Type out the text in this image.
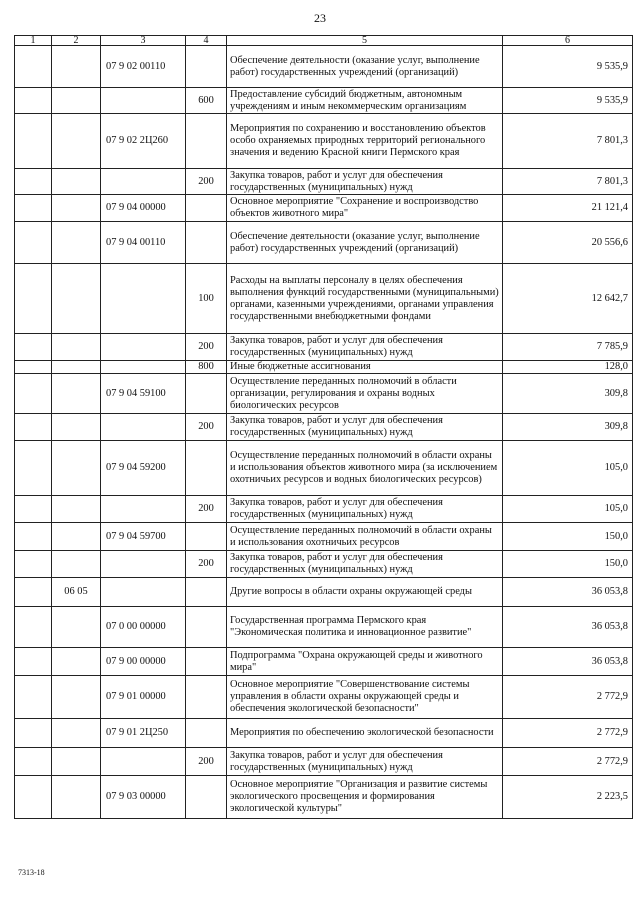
23
1	2	3	4	5	6
		07 9 02 00110		Обеспечение деятельности (оказание услуг, выполнение работ) государственных учреждений (организаций)	9 535,9
			600	Предоставление субсидий бюджетным, автономным учреждениям и иным некоммерческим организациям	9 535,9
		07 9 02 2Ц260		Мероприятия по сохранению и восстановлению объектов особо охраняемых природных территорий регионального значения и ведению Красной книги Пермского края	7 801,3
			200	Закупка товаров, работ и услуг для обеспечения государственных (муниципальных) нужд	7 801,3
		07 9 04 00000		Основное мероприятие "Сохранение и воспроизводство объектов животного мира"	21 121,4
		07 9 04 00110		Обеспечение деятельности (оказание услуг, выполнение работ) государственных учреждений (организаций)	20 556,6
			100	Расходы на выплаты персоналу в целях обеспечения выполнения функций государственными (муниципальными) органами, казенными учреждениями, органами управления государственными внебюджетными фондами	12 642,7
			200	Закупка товаров, работ и услуг для обеспечения государственных (муниципальных) нужд	7 785,9
			800	Иные бюджетные ассигнования	128,0
		07 9 04 59100		Осуществление переданных полномочий в области организации, регулирования и охраны водных биологических ресурсов	309,8
			200	Закупка товаров, работ и услуг для обеспечения государственных (муниципальных) нужд	309,8
		07 9 04 59200		Осуществление переданных полномочий в области охраны и использования объектов животного мира (за исключением охотничьих ресурсов и водных биологических ресурсов)	105,0
			200	Закупка товаров, работ и услуг для обеспечения государственных (муниципальных) нужд	105,0
		07 9 04 59700		Осуществление переданных полномочий в области охраны и использования охотничьих ресурсов	150,0
			200	Закупка товаров, работ и услуг для обеспечения государственных (муниципальных) нужд	150,0
	06 05			Другие вопросы в области охраны окружающей среды	36 053,8
		07 0 00 00000		Государственная программа Пермского края "Экономическая политика и инновационное развитие"	36 053,8
		07 9 00 00000		Подпрограмма "Охрана окружающей среды и животного мира"	36 053,8
		07 9 01 00000		Основное мероприятие "Совершенствование системы управления в области охраны окружающей среды и обеспечения экологической безопасности"	2 772,9
		07 9 01 2Ц250		Мероприятия по обеспечению экологической безопасности	2 772,9
			200	Закупка товаров, работ и услуг для обеспечения государственных (муниципальных) нужд	2 772,9
		07 9 03 00000		Основное мероприятие "Организация и развитие системы экологического просвещения и формирования экологической культуры"	2 223,5
7313-18
